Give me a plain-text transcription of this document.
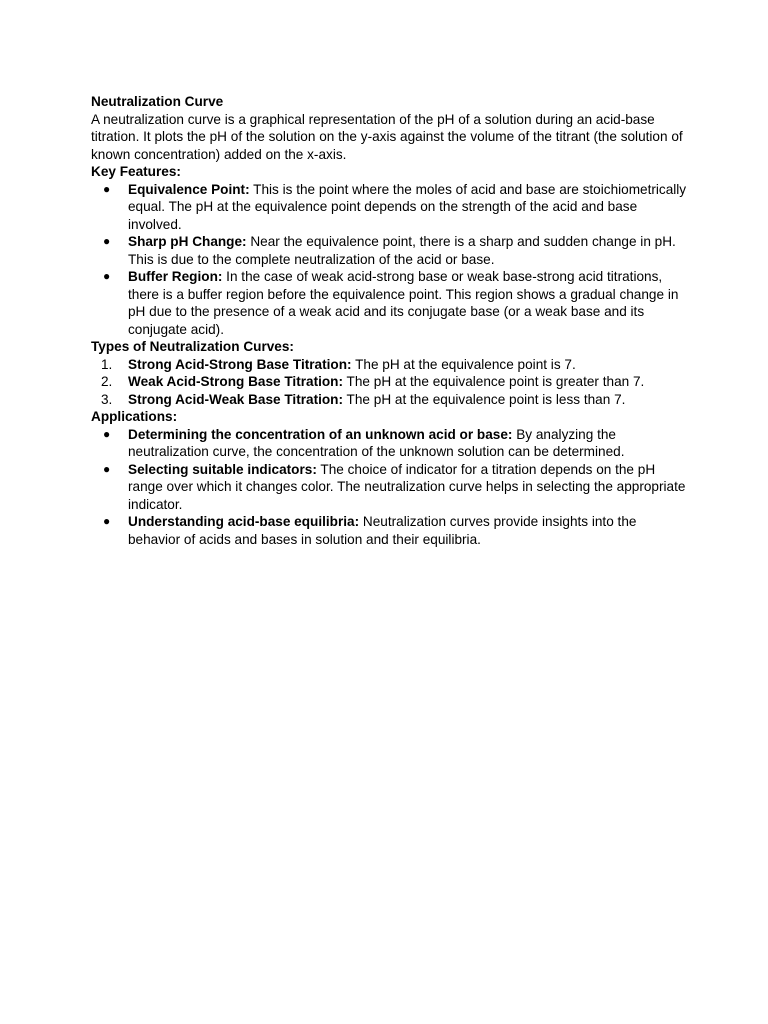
Neutralization Curve

A neutralization curve is a graphical representation of the pH of a solution during an acid-base titration. It plots the pH of the solution on the y-axis against the volume of the titrant (the solution of known concentration) added on the x-axis.

Key Features:
● Equivalence Point: This is the point where the moles of acid and base are stoichiometrically equal. The pH at the equivalence point depends on the strength of the acid and base involved.
● Sharp pH Change: Near the equivalence point, there is a sharp and sudden change in pH. This is due to the complete neutralization of the acid or base.
● Buffer Region: In the case of weak acid-strong base or weak base-strong acid titrations, there is a buffer region before the equivalence point. This region shows a gradual change in pH due to the presence of a weak acid and its conjugate base (or a weak base and its conjugate acid).
Types of Neutralization Curves:
1. Strong Acid-Strong Base Titration: The pH at the equivalence point is 7.
2. Weak Acid-Strong Base Titration: The pH at the equivalence point is greater than 7.
3. Strong Acid-Weak Base Titration: The pH at the equivalence point is less than 7.
Applications:
● Determining the concentration of an unknown acid or base: By analyzing the neutralization curve, the concentration of the unknown solution can be determined.
● Selecting suitable indicators: The choice of indicator for a titration depends on the pH range over which it changes color. The neutralization curve helps in selecting the appropriate indicator.
● Understanding acid-base equilibria: Neutralization curves provide insights into the behavior of acids and bases in solution and their equilibria.
